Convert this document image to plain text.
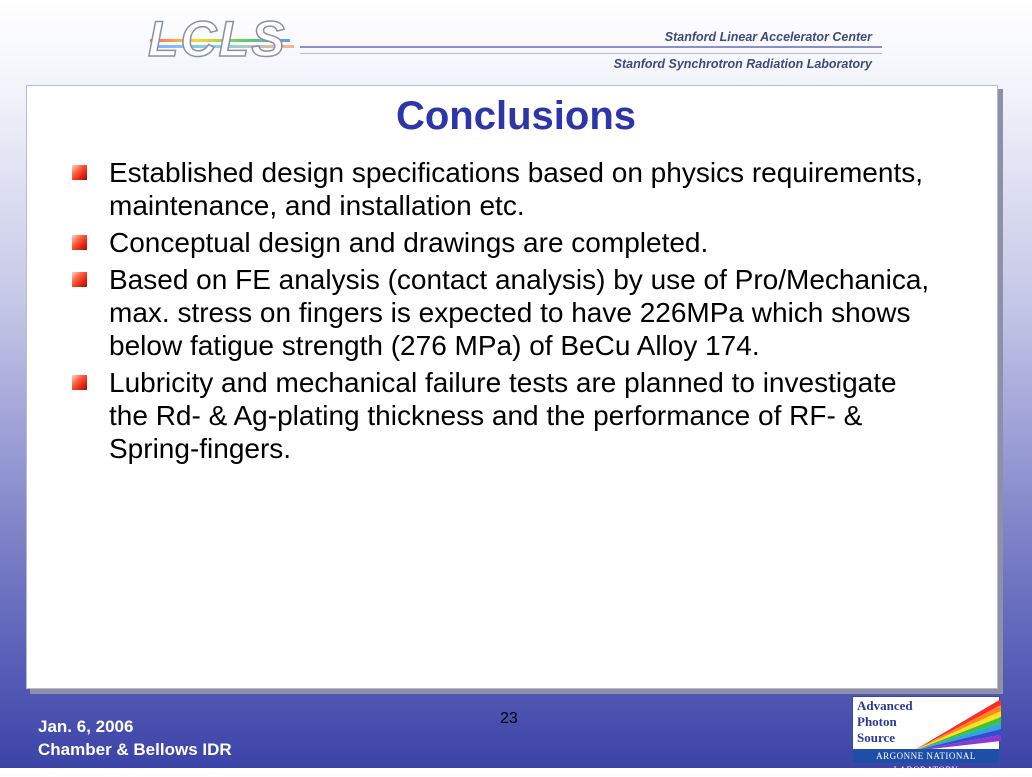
LCLS	Stanford Linear Accelerator Center
Stanford Synchrotron Radiation Laboratory
Conclusions
Established design specifications based on physics requirements, maintenance, and installation etc.
Conceptual design and drawings are completed.
Based on FE analysis (contact analysis) by use of Pro/Mechanica, max. stress on fingers is expected to have 226MPa which shows below fatigue strength (276 MPa) of BeCu Alloy 174.
Lubricity and mechanical failure tests are planned to investigate the Rd- & Ag-plating thickness and the performance of RF- & Spring-fingers.
Jan. 6, 2006
Chamber & Bellows IDR
23
Advanced
Photon
Source
ARGONNE NATIONAL LABORATORY
